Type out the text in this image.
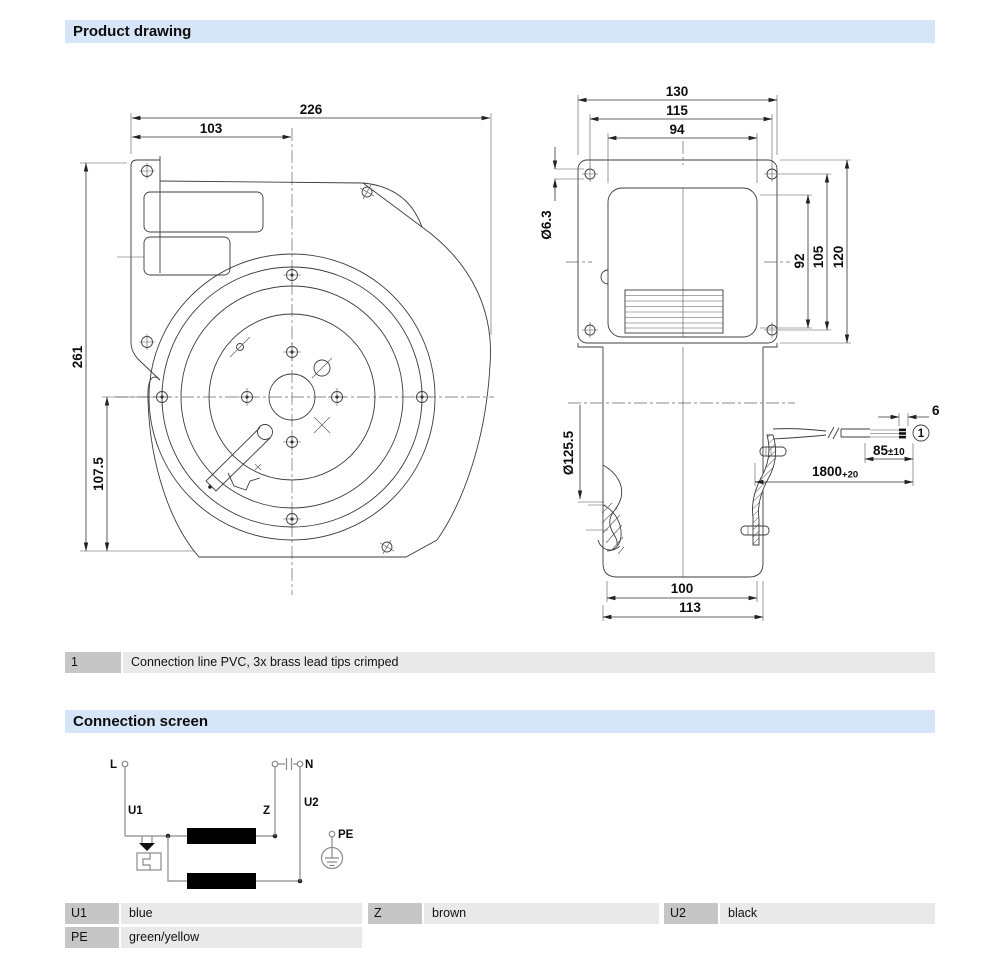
Product drawing
226
103
261
107.5
130
115
94
Ø6.3
92 105 120
1
6
85±10
1800+20
Ø125.5
100
113
1	Connection line PVC, 3x brass lead tips crimped
Connection screen
L
U1
N
Z
U2
PE
U1	blue	Z	brown	U2	black
PE	green/yellow
